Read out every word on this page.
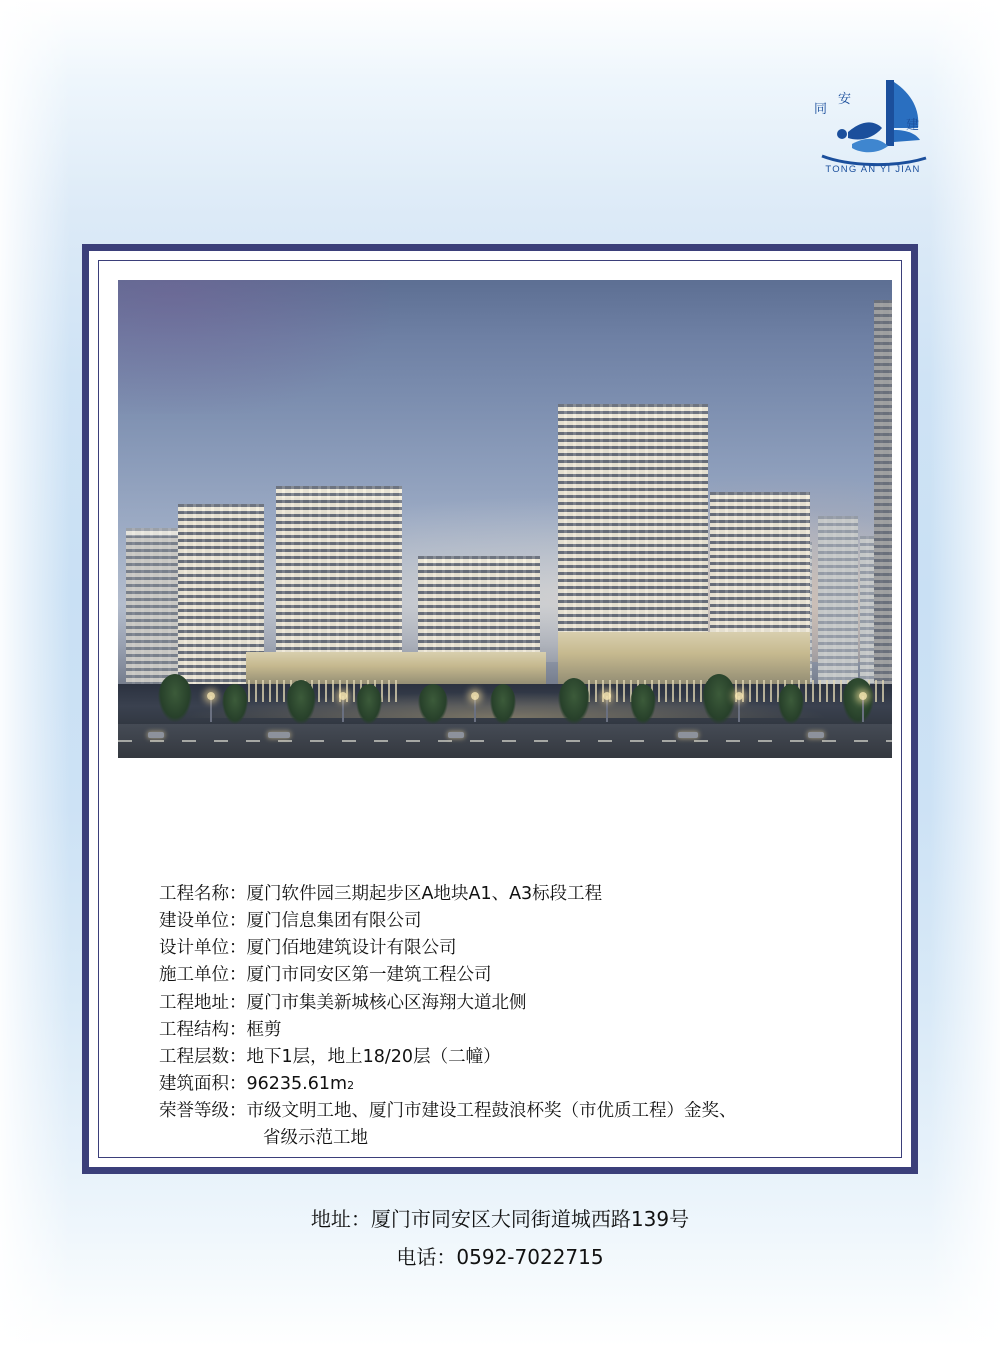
同
安
建
TONG AN YI JIAN
工程名称： 厦门软件园三期起步区A地块A1、A3标段工程
建设单位： 厦门信息集团有限公司
设计单位： 厦门佰地建筑设计有限公司
施工单位： 厦门市同安区第一建筑工程公司
工程地址： 厦门市集美新城核心区海翔大道北侧
工程结构： 框剪
工程层数： 地下1层，地上18/20层（二幢）
建筑面积： 96235.61m 2
荣誉等级： 市级文明工地、厦门市建设工程鼓浪杯奖（市优质工程）金奖、
省级示范工地
地址：厦门市同安区大同街道城西路139号
电话：0592-7022715
